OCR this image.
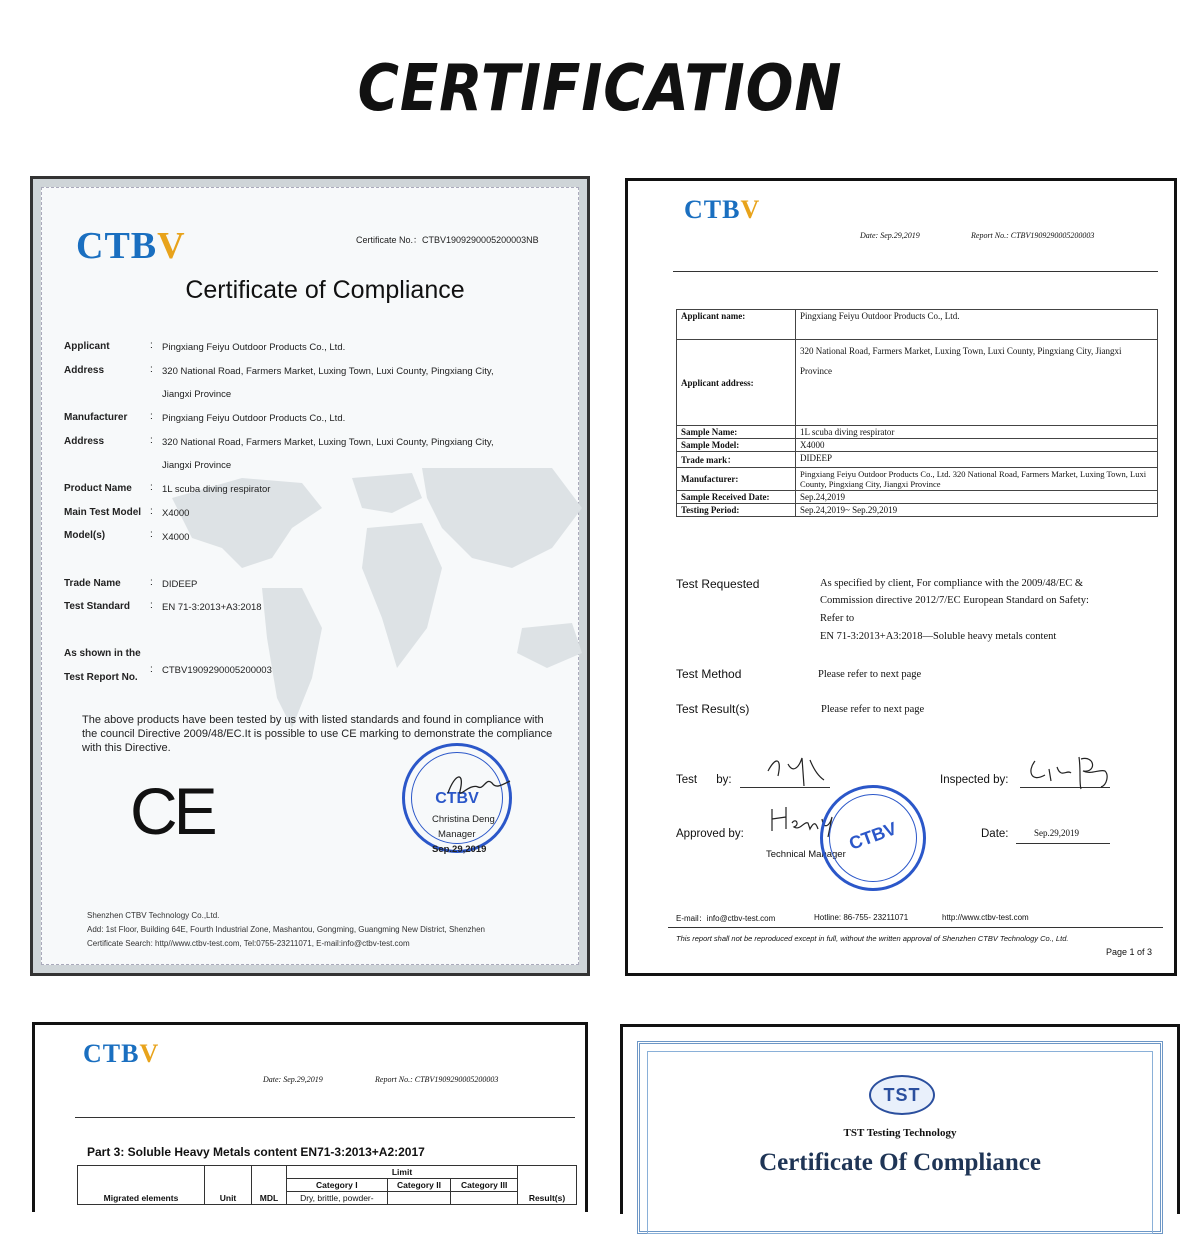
CERTIFICATION
CTBV	Certificate No.：CTBV1909290005200003NB
Certificate of Compliance
Applicant	: Pingxiang Feiyu Outdoor Products Co., Ltd.
Address	: 320 National Road, Farmers Market, Luxing Town, Luxi County, Pingxiang City,
Jiangxi Province
Manufacturer : Pingxiang Feiyu Outdoor Products Co., Ltd.
Address	: 320 National Road, Farmers Market, Luxing Town, Luxi County, Pingxiang City,
Jiangxi Province
Product Name : 1L scuba diving respirator
Main Test Model : X4000
Model(s)	: X4000
Trade Name	: DIDEEP
Test Standard : EN 71-3:2013+A3:2018
As shown in the
Test Report No.
: CTBV1909290005200003
The above products have been tested by us with listed standards and found in compliance with the council Directive 2009/48/EC.It is possible to use CE marking to demonstrate the compliance with this Directive.
CE	CTBV
Christina Deng
Manager
Sep.29,2019
Shenzhen CTBV Technology Co.,Ltd.
Add: 1st Floor, Building 64E, Fourth Industrial Zone, Mashantou, Gongming, Guangming New District, Shenzhen
Certificate Search: http//www.ctbv-test.com, Tel:0755-23211071, E-mail:info@ctbv-test.com
CTBV
Date: Sep.29,2019	Report No.: CTBV1909290005200003
Applicant name:	Pingxiang Feiyu Outdoor Products Co., Ltd.
Applicant address:	320 National Road, Farmers Market, Luxing Town, Luxi County, Pingxiang City, Jiangxi Province
Sample Name:	1L scuba diving respirator
Sample Model:	X4000
Trade mark：	DIDEEP
Manufacturer:	Pingxiang Feiyu Outdoor Products Co., Ltd. 320 National Road, Farmers Market, Luxing Town, Luxi County, Pingxiang City, Jiangxi Province
Sample Received Date:	Sep.24,2019
Testing Period:	Sep.24,2019~ Sep.29,2019
Test Requested	As specified by client, For compliance with the 2009/48/EC &
Commission directive 2012/7/EC European Standard on Safety:
Refer to
EN 71-3:2013+A3:2018—Soluble heavy metals content
Test Method	Please refer to next page
Test Result(s)	Please refer to next page
Test      by:	Inspected by:
Approved by:
Technical Manager
CTBV	Date:	Sep.29,2019
E-mail：info@ctbv-test.com	Hotline: 86-755- 23211071	http://www.ctbv-test.com
This report shall not be reproduced except in full, without the written approval of Shenzhen CTBV Technology Co., Ltd.
Page 1 of 3
CTBV
Date: Sep.29,2019	Report No.: CTBV1909290005200003
Part 3: Soluble Heavy Metals content EN71-3:2013+A2:2017
Migrated elements	Unit	MDL	Limit			Result(s)
			Category I	Category II	Category III	
			Dry, brittle, powder-			
TST
TST Testing Technology
Certificate Of Compliance
